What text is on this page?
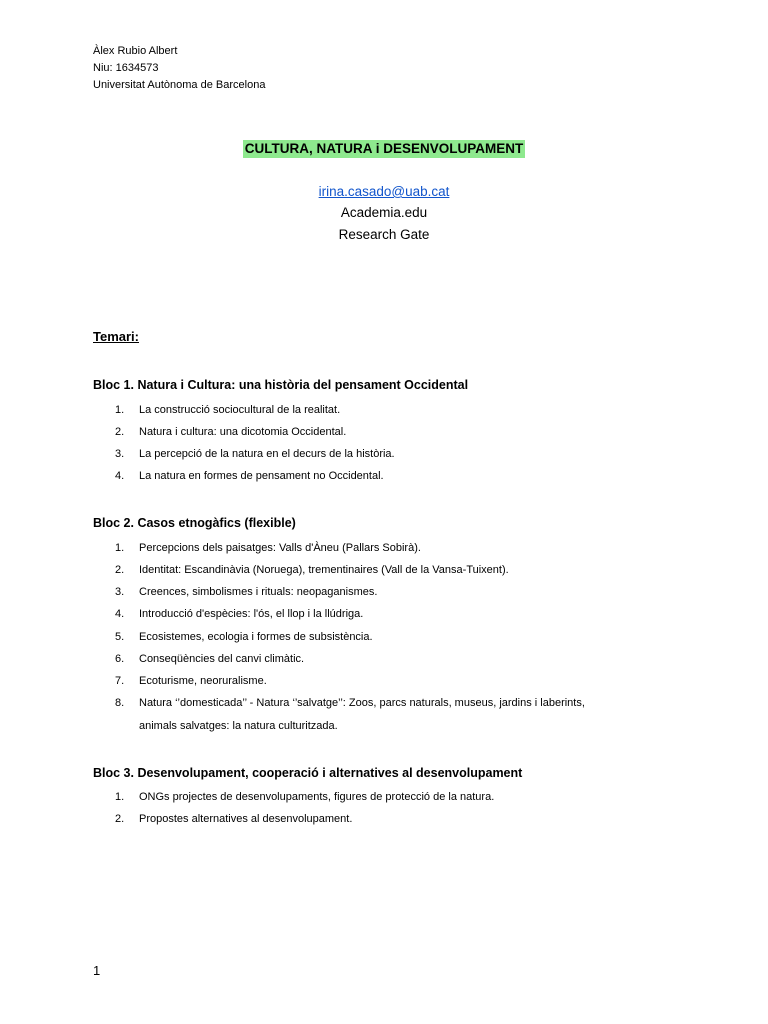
Àlex Rubio Albert
Niu: 1634573
Universitat Autònoma de Barcelona
CULTURA, NATURA i DESENVOLUPAMENT
irina.casado@uab.cat
Academia.edu
Research Gate
Temari:
Bloc 1. Natura i Cultura: una història del pensament Occidental
1.	La construcció sociocultural de la realitat.
2.	Natura i cultura: una dicotomia Occidental.
3.	La percepció de la natura en el decurs de la història.
4.	La natura en formes de pensament no Occidental.
Bloc 2. Casos etnogàfics (flexible)
1.	Percepcions dels paisatges: Valls d'Àneu (Pallars Sobirà).
2.	Identitat: Escandinàvia (Noruega), trementinaires (Vall de la Vansa-Tuixent).
3.	Creences, simbolismes i rituals: neopaganismes.
4.	Introducció d'espècies: l'ós, el llop i la llúdriga.
5.	Ecosistemes, ecologia i formes de subsistència.
6.	Conseqüències del canvi climàtic.
7.	Ecoturisme, neoruralisme.
8.	Natura ‘’domesticada’’ - Natura ‘’salvatge’’: Zoos, parcs naturals, museus, jardins i laberints,
animals salvatges: la natura culturitzada.
Bloc 3. Desenvolupament, cooperació i alternatives al desenvolupament
1.	ONGs projectes de desenvolupaments, figures de protecció de la natura.
2.	Propostes alternatives al desenvolupament.
1
